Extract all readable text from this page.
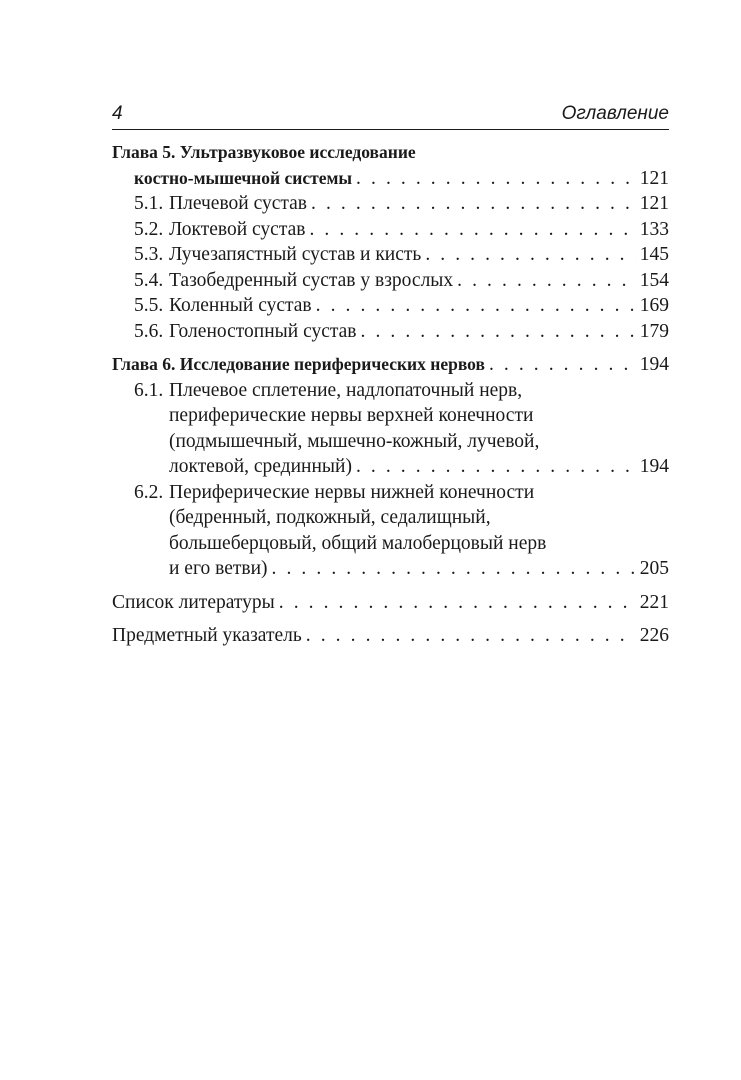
4	Оглавление
Глава 5. Ультразвуковое исследование
костно-мышечной системы . . .	121
5.1. Плечевой сустав . . .	121
5.2. Локтевой сустав . . .	133
5.3. Лучезапястный сустав и кисть . . .	145
5.4. Тазобедренный сустав у взрослых . . .	154
5.5. Коленный сустав . . .	169
5.6. Голеностопный сустав . . .	179
Глава 6. Исследование периферических нервов . . .	194
6.1. Плечевое сплетение, надлопаточный нерв,
периферические нервы верхней конечности
(подмышечный, мышечно-кожный, лучевой,
локтевой, срединный) . . .	194
6.2. Периферические нервы нижней конечности
(бедренный, подкожный, седалищный,
большеберцовый, общий малоберцовый нерв
и его ветви) . . .	205
Список литературы . . .	221
Предметный указатель . . .	226
